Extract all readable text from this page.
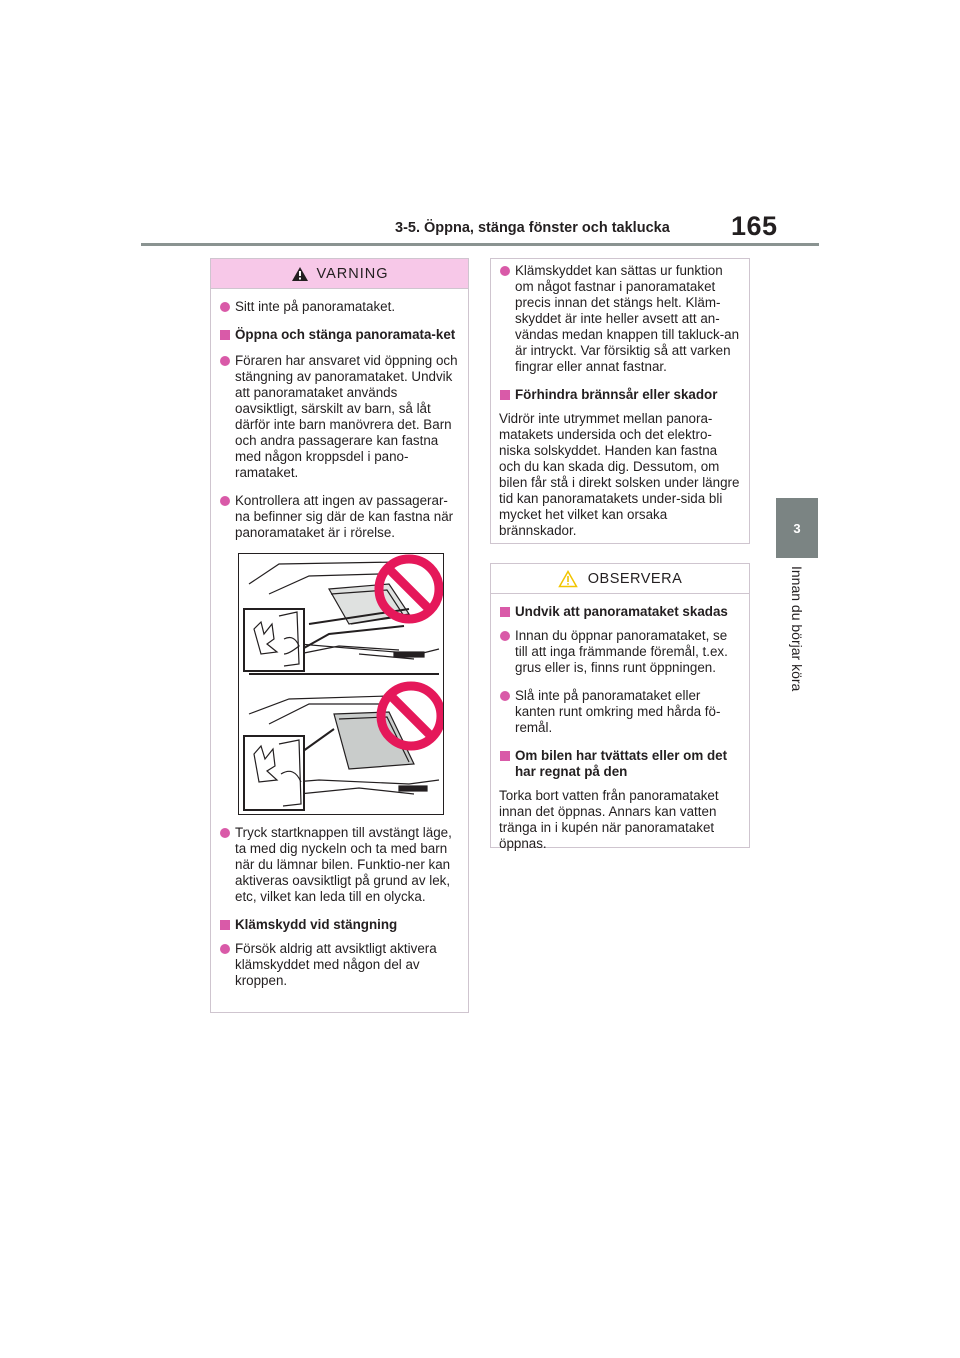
3-5. Öppna, stänga fönster och taklucka 165
3
Innan du börjar köra
VARNING
Sitt inte på panoramataket.
Öppna och stänga panoramata-ket
Föraren har ansvaret vid öppning och stängning av panoramataket. Undvik att panoramataket används oavsiktligt, särskilt av barn, så låt därför inte barn manövrera det. Barn och andra passagerare kan fastna med någon kroppsdel i pano-ramataket.
Kontrollera att ingen av passagerar-na befinner sig där de kan fastna när panoramataket är i rörelse.
Tryck startknappen till avstängt läge, ta med dig nyckeln och ta med barn när du lämnar bilen. Funktio-ner kan aktiveras oavsiktligt på grund av lek, etc, vilket kan leda till en olycka.
Klämskydd vid stängning
Försök aldrig att avsiktligt aktivera klämskyddet med någon del av kroppen.
Klämskyddet kan sättas ur funktion om något fastnar i panoramataket precis innan det stängs helt. Kläm-skyddet är inte heller avsett att an-vändas medan knappen till takluck-an är intryckt. Var försiktig så att varken fingrar eller annat fastnar.
Förhindra brännsår eller skador
Vidrör inte utrymmet mellan panora-matakets undersida och det elektro-niska solskyddet. Handen kan fastna och du kan skada dig. Dessutom, om bilen får stå i direkt solsken under längre tid kan panoramatakets under-sida bli mycket het vilket kan orsaka brännskador.
OBSERVERA
Undvik att panoramataket skadas
Innan du öppnar panoramataket, se till att inga främmande föremål, t.ex. grus eller is, finns runt öppningen.
Slå inte på panoramataket eller kanten runt omkring med hårda fö-remål.
Om bilen har tvättats eller om det har regnat på den
Torka bort vatten från panoramataket innan det öppnas. Annars kan vatten tränga in i kupén när panoramataket öppnas.
